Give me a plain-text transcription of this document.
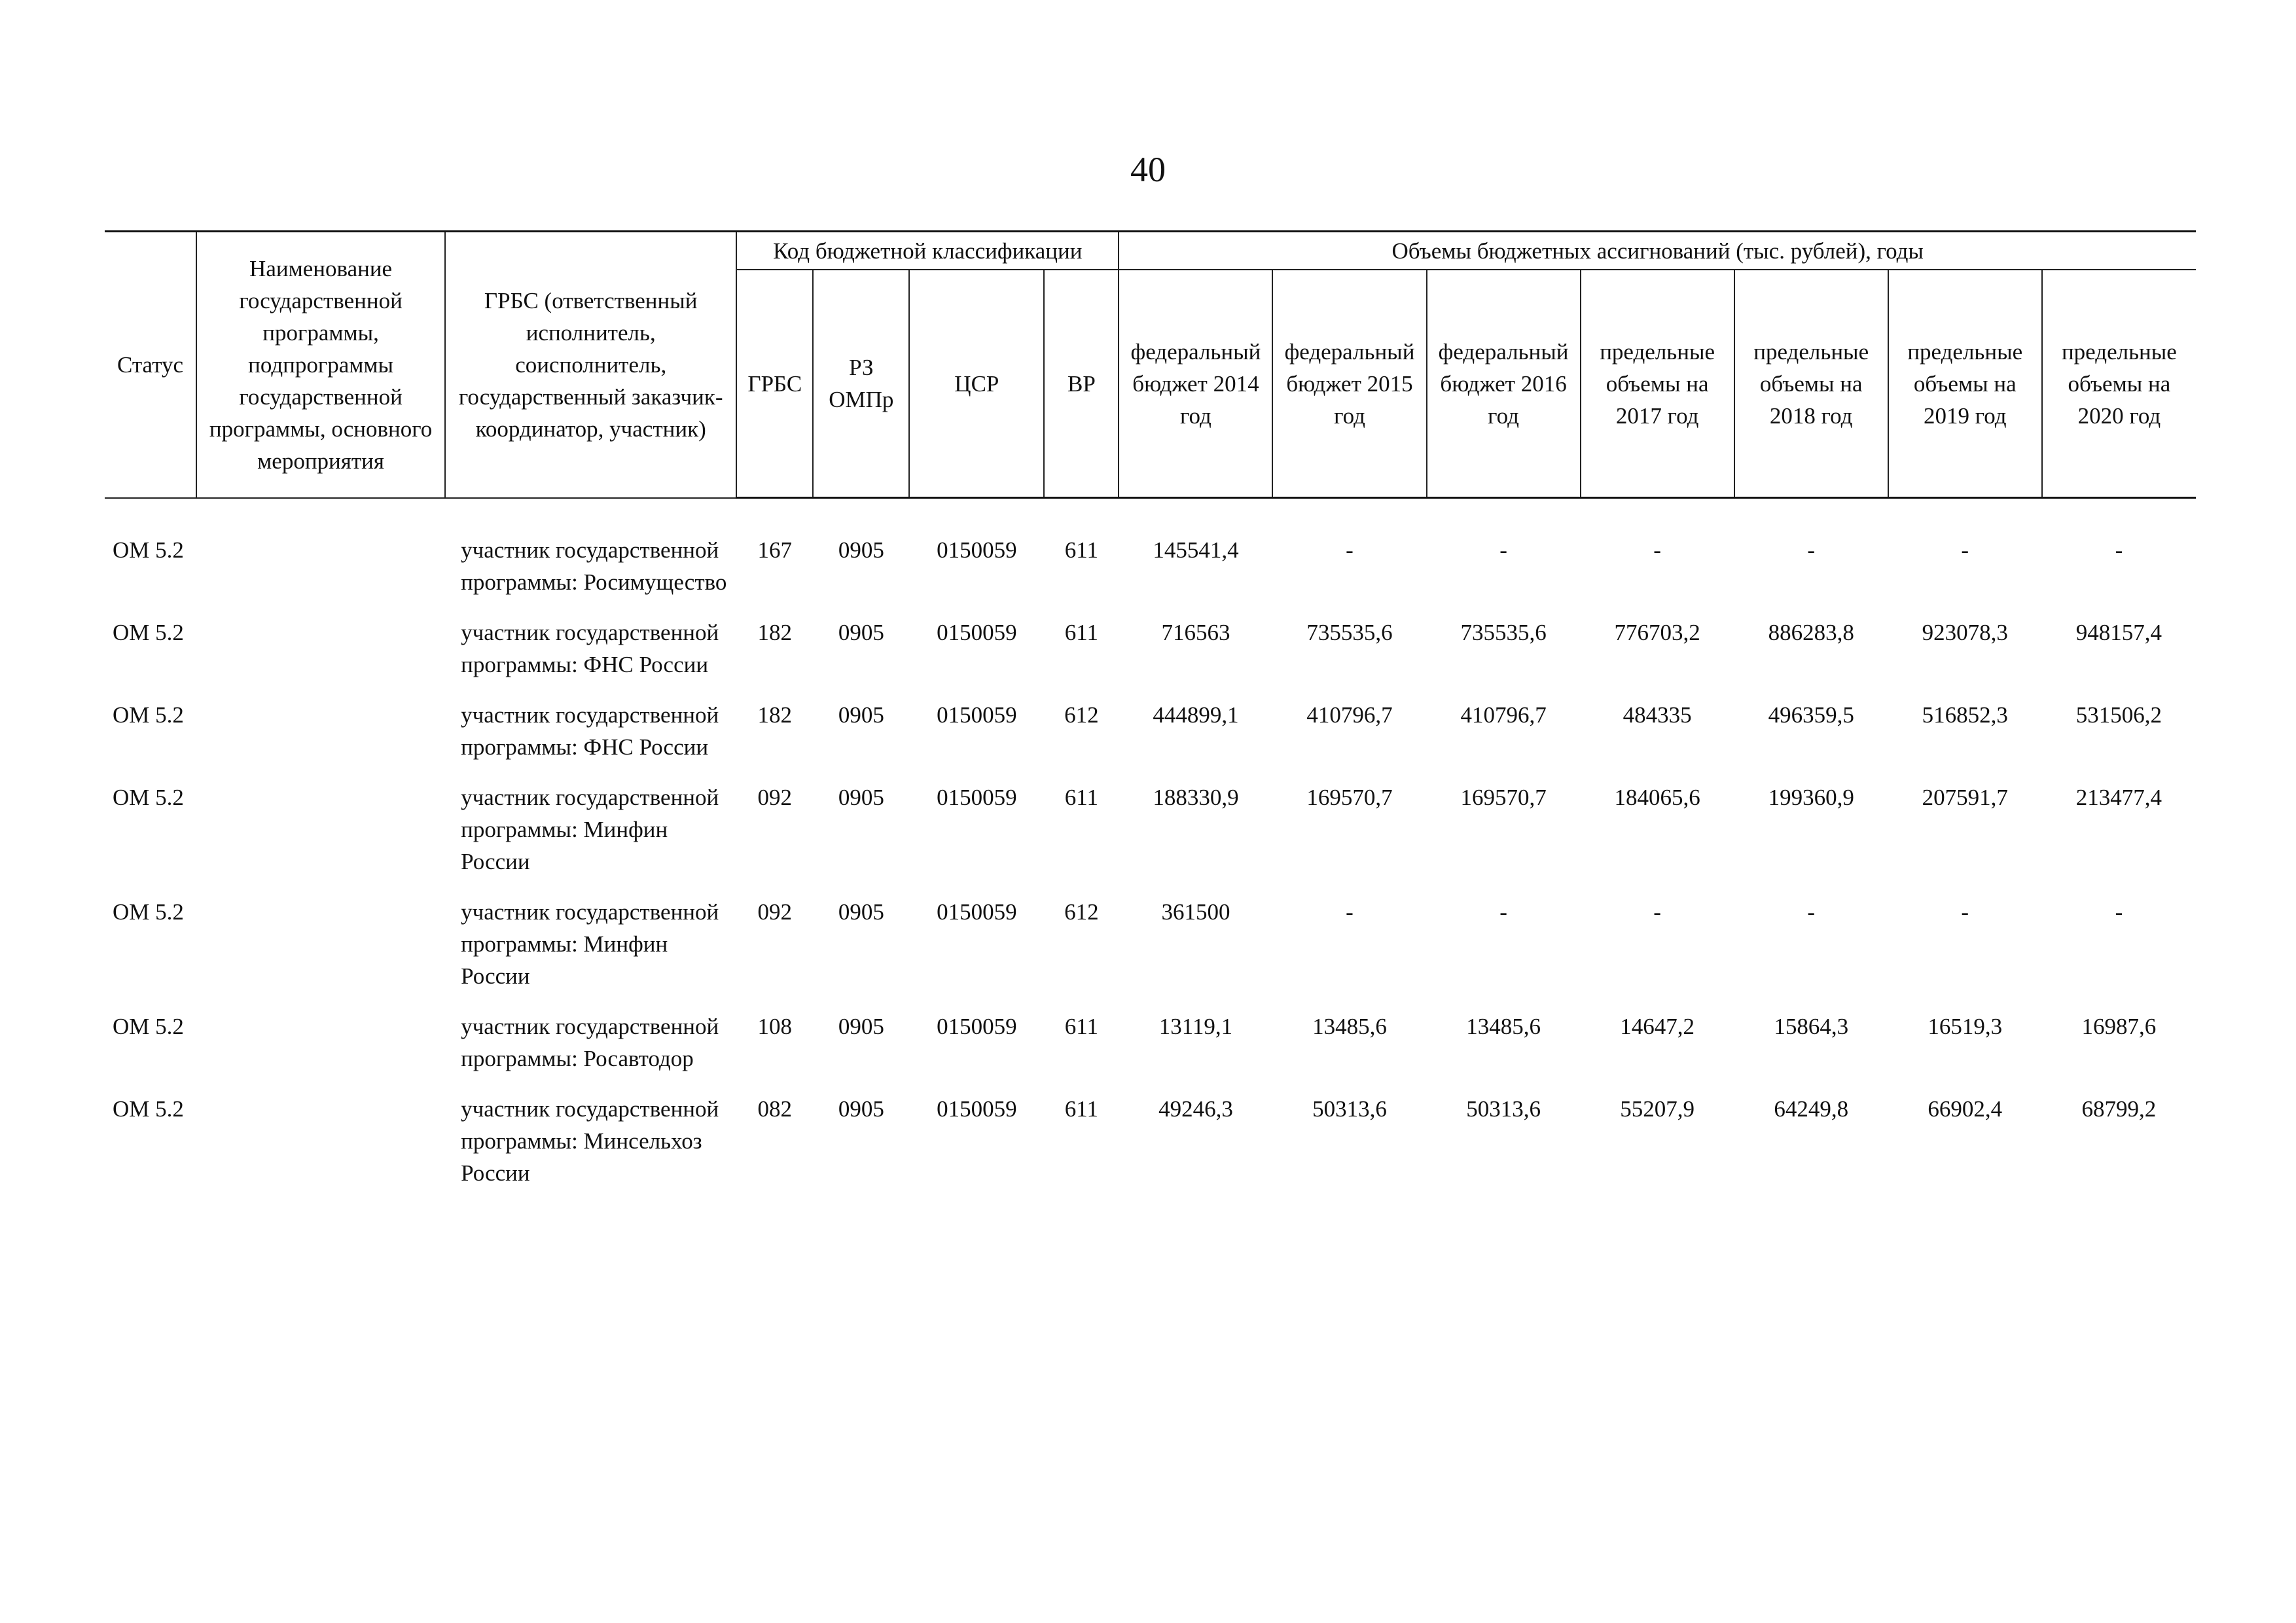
40
Статус	Наименование государственной программы, подпрограммы государственной программы, основного мероприятия	ГРБС (ответственный исполнитель, соисполнитель, государственный заказчик-координатор, участник)	Код бюджетной классификации				Объемы бюджетных ассигнований (тыс. рублей), годы						
			ГРБС	РЗ ОМПр	ЦСР	ВР	федеральный бюджет 2014 год	федеральный бюджет 2015 год	федеральный бюджет 2016 год	предельные объемы на 2017 год	предельные объемы на 2018 год	предельные объемы на 2019 год	предельные объемы на 2020 год
ОМ 5.2		участник государственной программы: Росимущество	167	0905	0150059	611	145541,4	-	-	-	-	-	-
ОМ 5.2		участник государственной программы: ФНС России	182	0905	0150059	611	716563	735535,6	735535,6	776703,2	886283,8	923078,3	948157,4
ОМ 5.2		участник государственной программы: ФНС России	182	0905	0150059	612	444899,1	410796,7	410796,7	484335	496359,5	516852,3	531506,2
ОМ 5.2		участник государственной программы: Минфин России	092	0905	0150059	611	188330,9	169570,7	169570,7	184065,6	199360,9	207591,7	213477,4
ОМ 5.2		участник государственной программы: Минфин России	092	0905	0150059	612	361500	-	-	-	-	-	-
ОМ 5.2		участник государственной программы: Росавтодор	108	0905	0150059	611	13119,1	13485,6	13485,6	14647,2	15864,3	16519,3	16987,6
ОМ 5.2		участник государственной программы: Минсельхоз России	082	0905	0150059	611	49246,3	50313,6	50313,6	55207,9	64249,8	66902,4	68799,2
